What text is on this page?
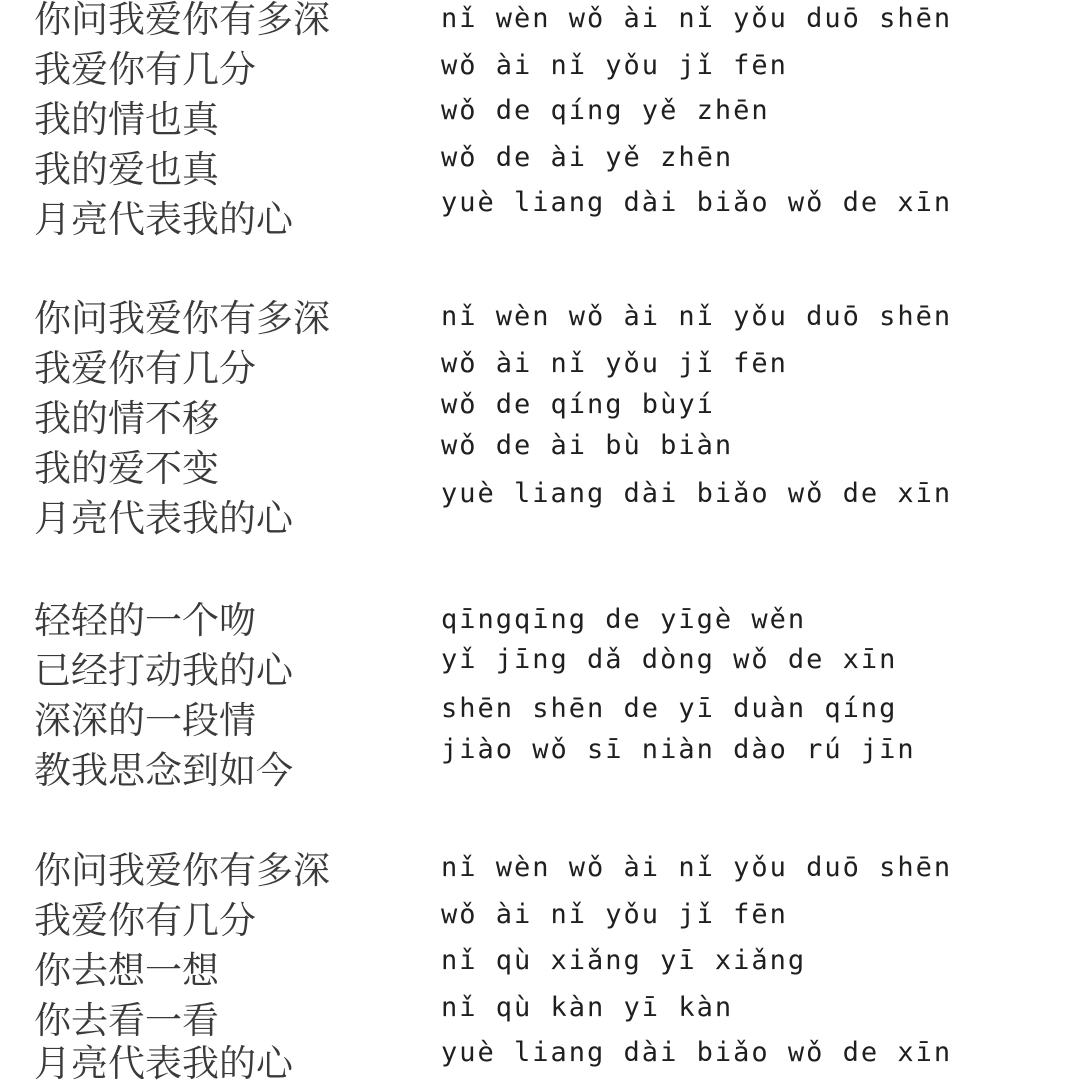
你问我爱你有多深
我爱你有几分
我的情也真
我的爱也真
月亮代表我的心
nǐ wèn wǒ ài nǐ yǒu duō shēn
wǒ ài nǐ yǒu jǐ fēn
wǒ de qíng yě zhēn
wǒ de ài yě zhēn
yuè liang dài biǎo wǒ de xīn
你问我爱你有多深
我爱你有几分
我的情不移
我的爱不变
月亮代表我的心
nǐ wèn wǒ ài nǐ yǒu duō shēn
wǒ ài nǐ yǒu jǐ fēn
wǒ de qíng bùyí
wǒ de ài bù biàn
yuè liang dài biǎo wǒ de xīn
轻轻的一个吻
已经打动我的心
深深的一段情
教我思念到如今
qīngqīng de yīgè wěn
yǐ jīng dǎ dòng wǒ de xīn
shēn shēn de yī duàn qíng
jiào wǒ sī niàn dào rú jīn
你问我爱你有多深
我爱你有几分
你去想一想
你去看一看
月亮代表我的心
nǐ wèn wǒ ài nǐ yǒu duō shēn
wǒ ài nǐ yǒu jǐ fēn
nǐ qù xiǎng yī xiǎng
nǐ qù kàn yī kàn
yuè liang dài biǎo wǒ de xīn
